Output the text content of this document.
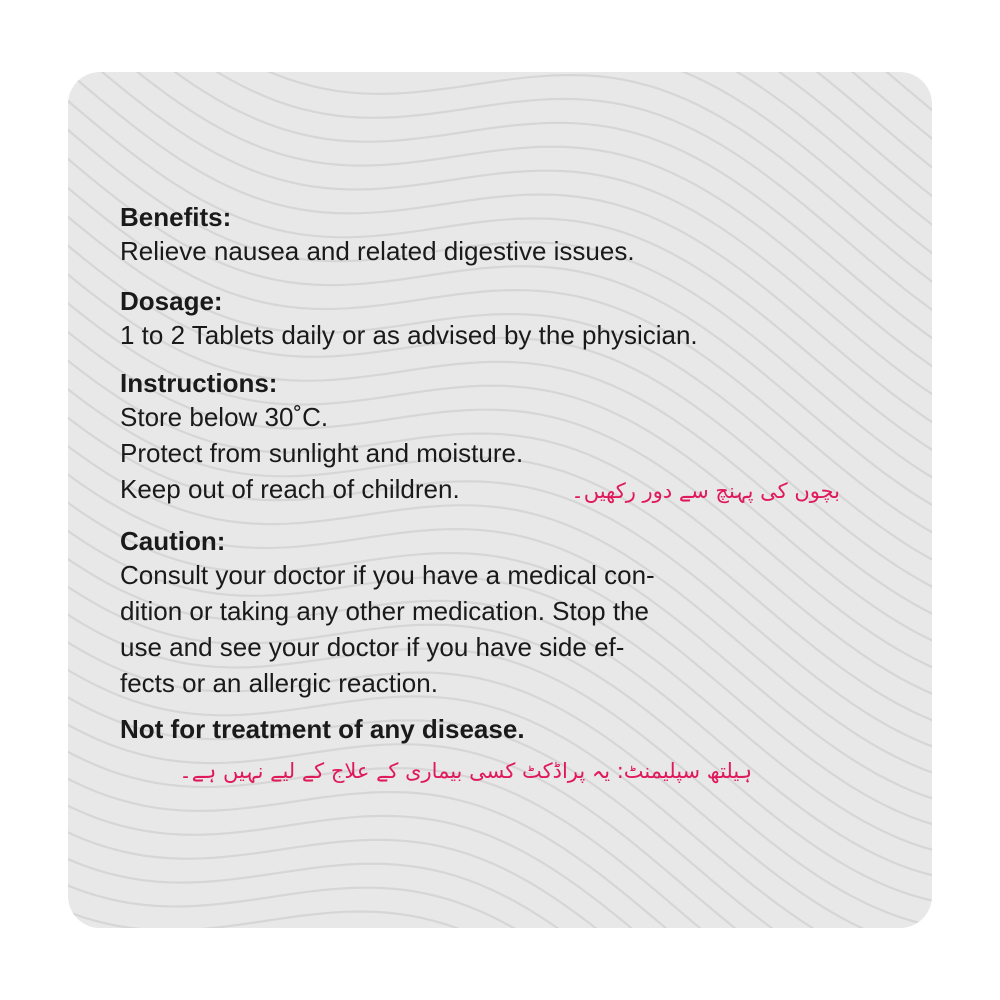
Benefits:
Relieve nausea and related digestive issues.
Dosage:
1 to 2 Tablets daily or as advised by the physician.
Instructions:
Store below 30˚C.
Protect from sunlight and moisture.
Keep out of reach of children.	بچوں کی پہنچ سے دور رکھیں۔
Caution:
Consult your doctor if you have a medical con-
dition or taking any other medication. Stop the
use and see your doctor if you have side ef-
fects or an allergic reaction.
Not for treatment of any disease.
ہیلتھ سپلیمنٹ: یہ پراڈکٹ کسی بیماری کے علاج کے لیے نہیں ہے۔
